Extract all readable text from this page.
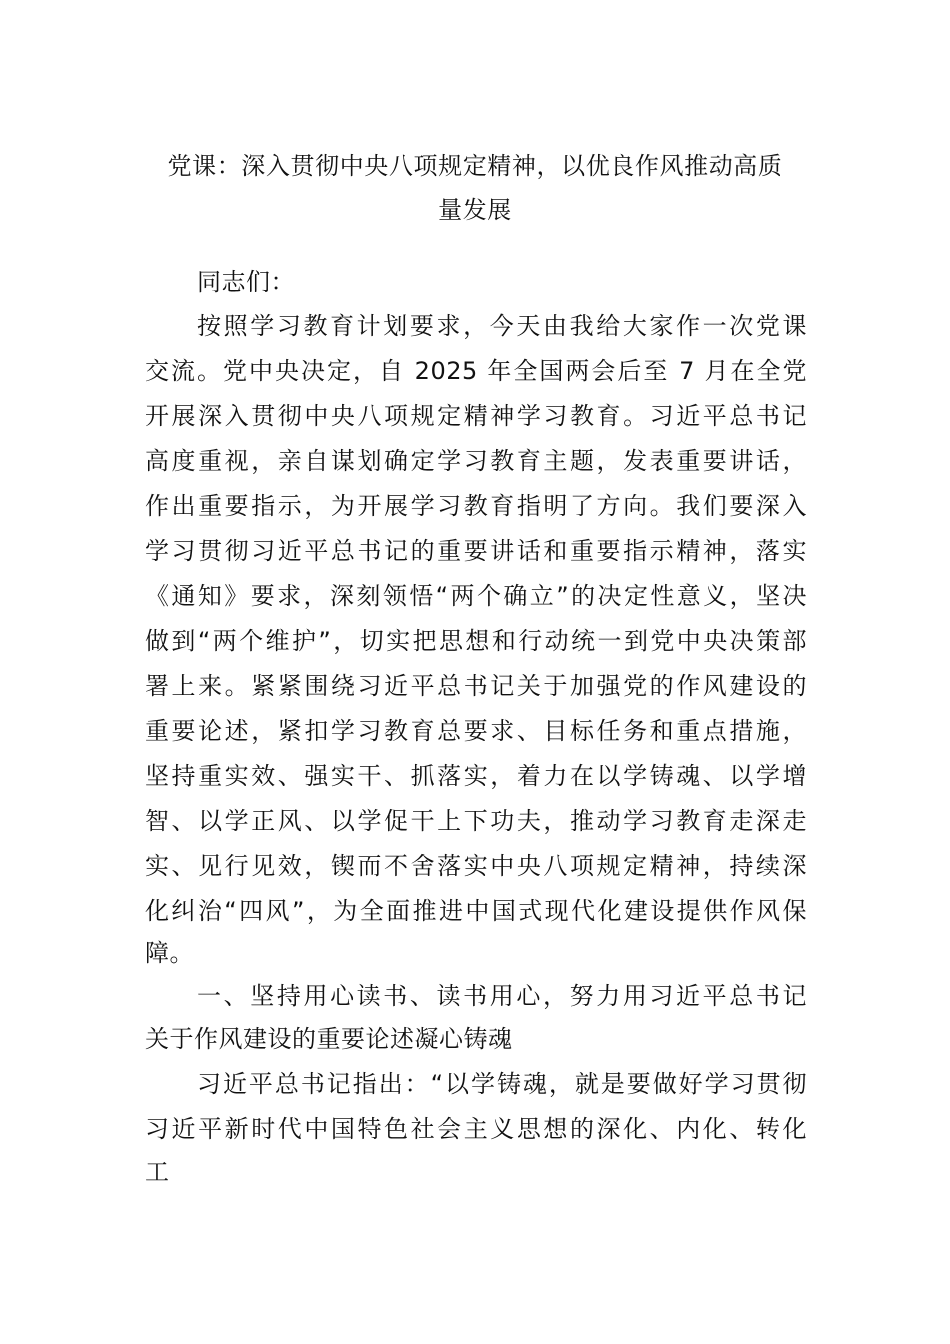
党课：深入贯彻中央八项规定精神，以优良作风推动高质
量发展
同志们：
按照学习教育计划要求，今天由我给大家作一次党课
交流。党中央决定，自 2025 年全国两会后至 7 月在全党
开展深入贯彻中央八项规定精神学习教育。习近平总书记
高度重视，亲自谋划确定学习教育主题，发表重要讲话，
作出重要指示，为开展学习教育指明了方向。我们要深入
学习贯彻习近平总书记的重要讲话和重要指示精神，落实
《通知》要求，深刻领悟“两个确立”的决定性意义，坚决
做到“两个维护”，切实把思想和行动统一到党中央决策部
署上来。紧紧围绕习近平总书记关于加强党的作风建设的
重要论述，紧扣学习教育总要求、目标任务和重点措施，
坚持重实效、强实干、抓落实，着力在以学铸魂、以学增
智、以学正风、以学促干上下功夫，推动学习教育走深走
实、见行见效，锲而不舍落实中央八项规定精神，持续深
化纠治“四风”，为全面推进中国式现代化建设提供作风保
障。
一、坚持用心读书、读书用心，努力用习近平总书记
关于作风建设的重要论述凝心铸魂
习近平总书记指出：“以学铸魂，就是要做好学习贯彻
习近平新时代中国特色社会主义思想的深化、内化、转化
工
